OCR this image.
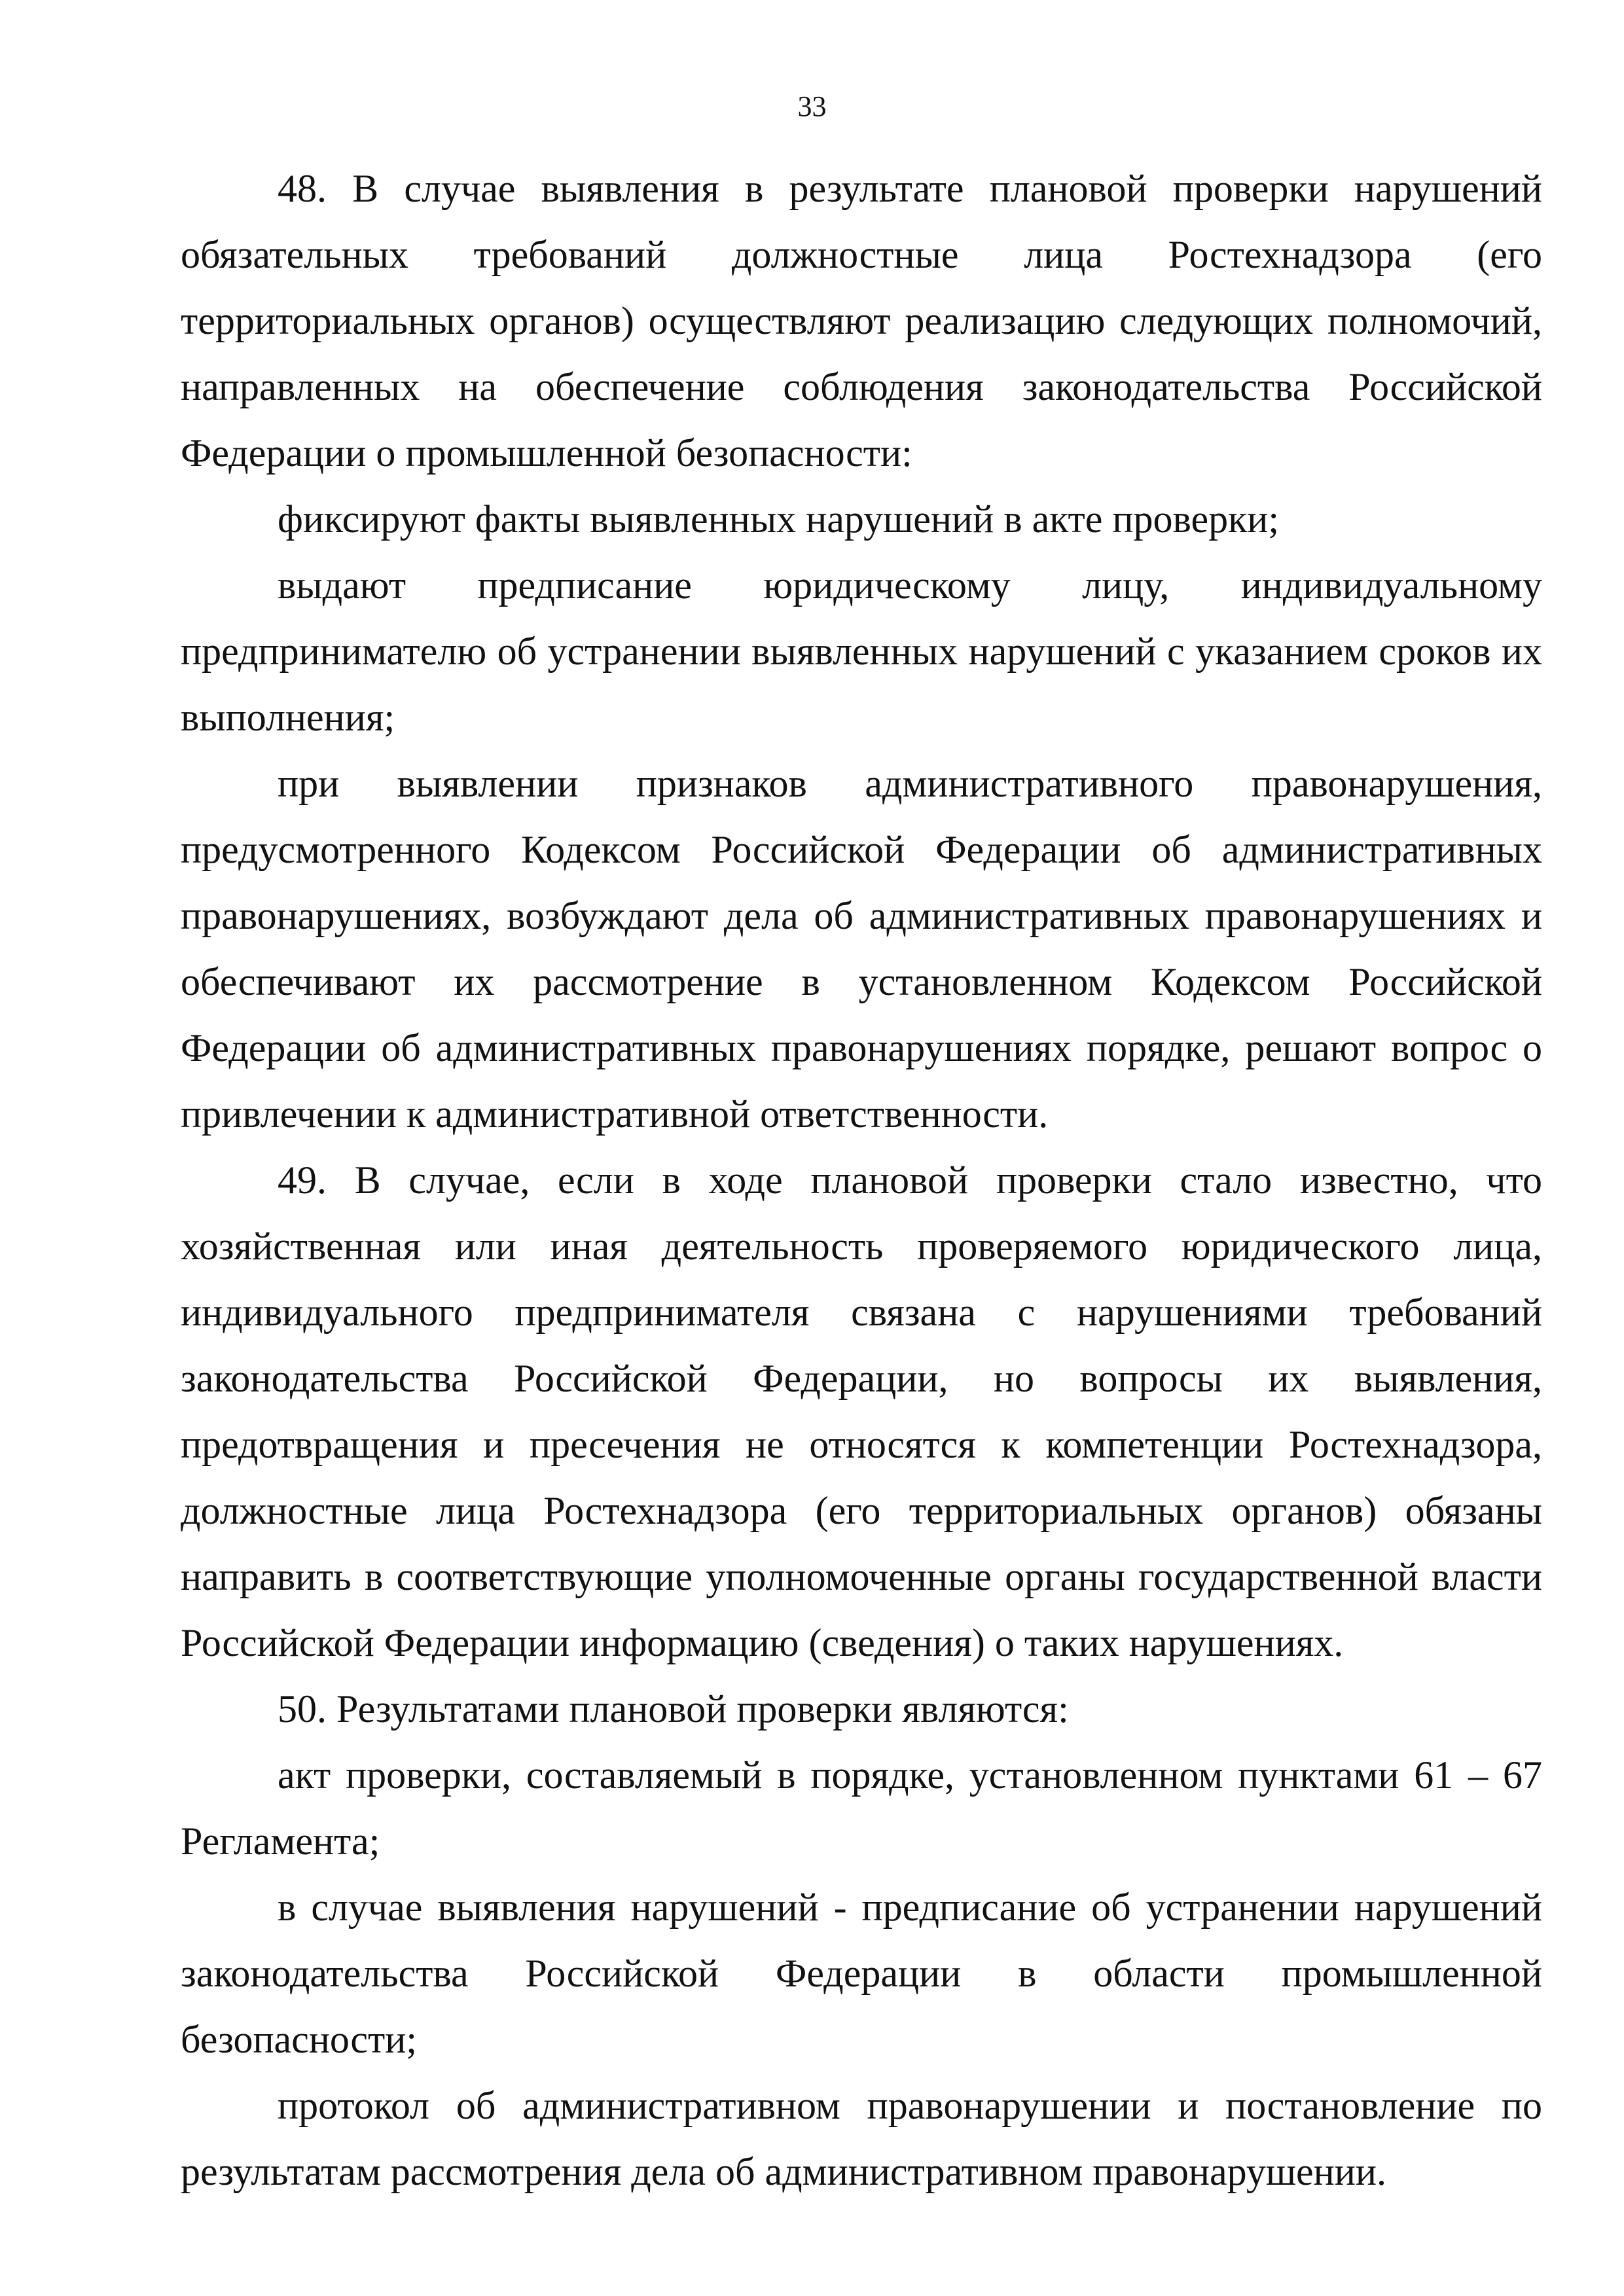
33

48. В случае выявления в результате плановой проверки нарушений обязательных требований должностные лица Ростехнадзора (его территориальных органов) осуществляют реализацию следующих полномочий, направленных на обеспечение соблюдения законодательства Российской Федерации о промышленной безопасности:

фиксируют факты выявленных нарушений в акте проверки;

выдают предписание юридическому лицу, индивидуальному предпринимателю об устранении выявленных нарушений с указанием сроков их выполнения;

при выявлении признаков административного правонарушения, предусмотренного Кодексом Российской Федерации об административных правонарушениях, возбуждают дела об административных правонарушениях и обеспечивают их рассмотрение в установленном Кодексом Российской Федерации об административных правонарушениях порядке, решают вопрос о привлечении к административной ответственности.

49. В случае, если в ходе плановой проверки стало известно, что хозяйственная или иная деятельность проверяемого юридического лица, индивидуального предпринимателя связана с нарушениями требований законодательства Российской Федерации, но вопросы их выявления, предотвращения и пресечения не относятся к компетенции Ростехнадзора, должностные лица Ростехнадзора (его территориальных органов) обязаны направить в соответствующие уполномоченные органы государственной власти Российской Федерации информацию (сведения) о таких нарушениях.

50. Результатами плановой проверки являются:

акт проверки, составляемый в порядке, установленном пунктами 61 – 67 Регламента;

в случае выявления нарушений - предписание об устранении нарушений законодательства Российской Федерации в области промышленной безопасности;

протокол об административном правонарушении и постановление по результатам рассмотрения дела об административном правонарушении.
